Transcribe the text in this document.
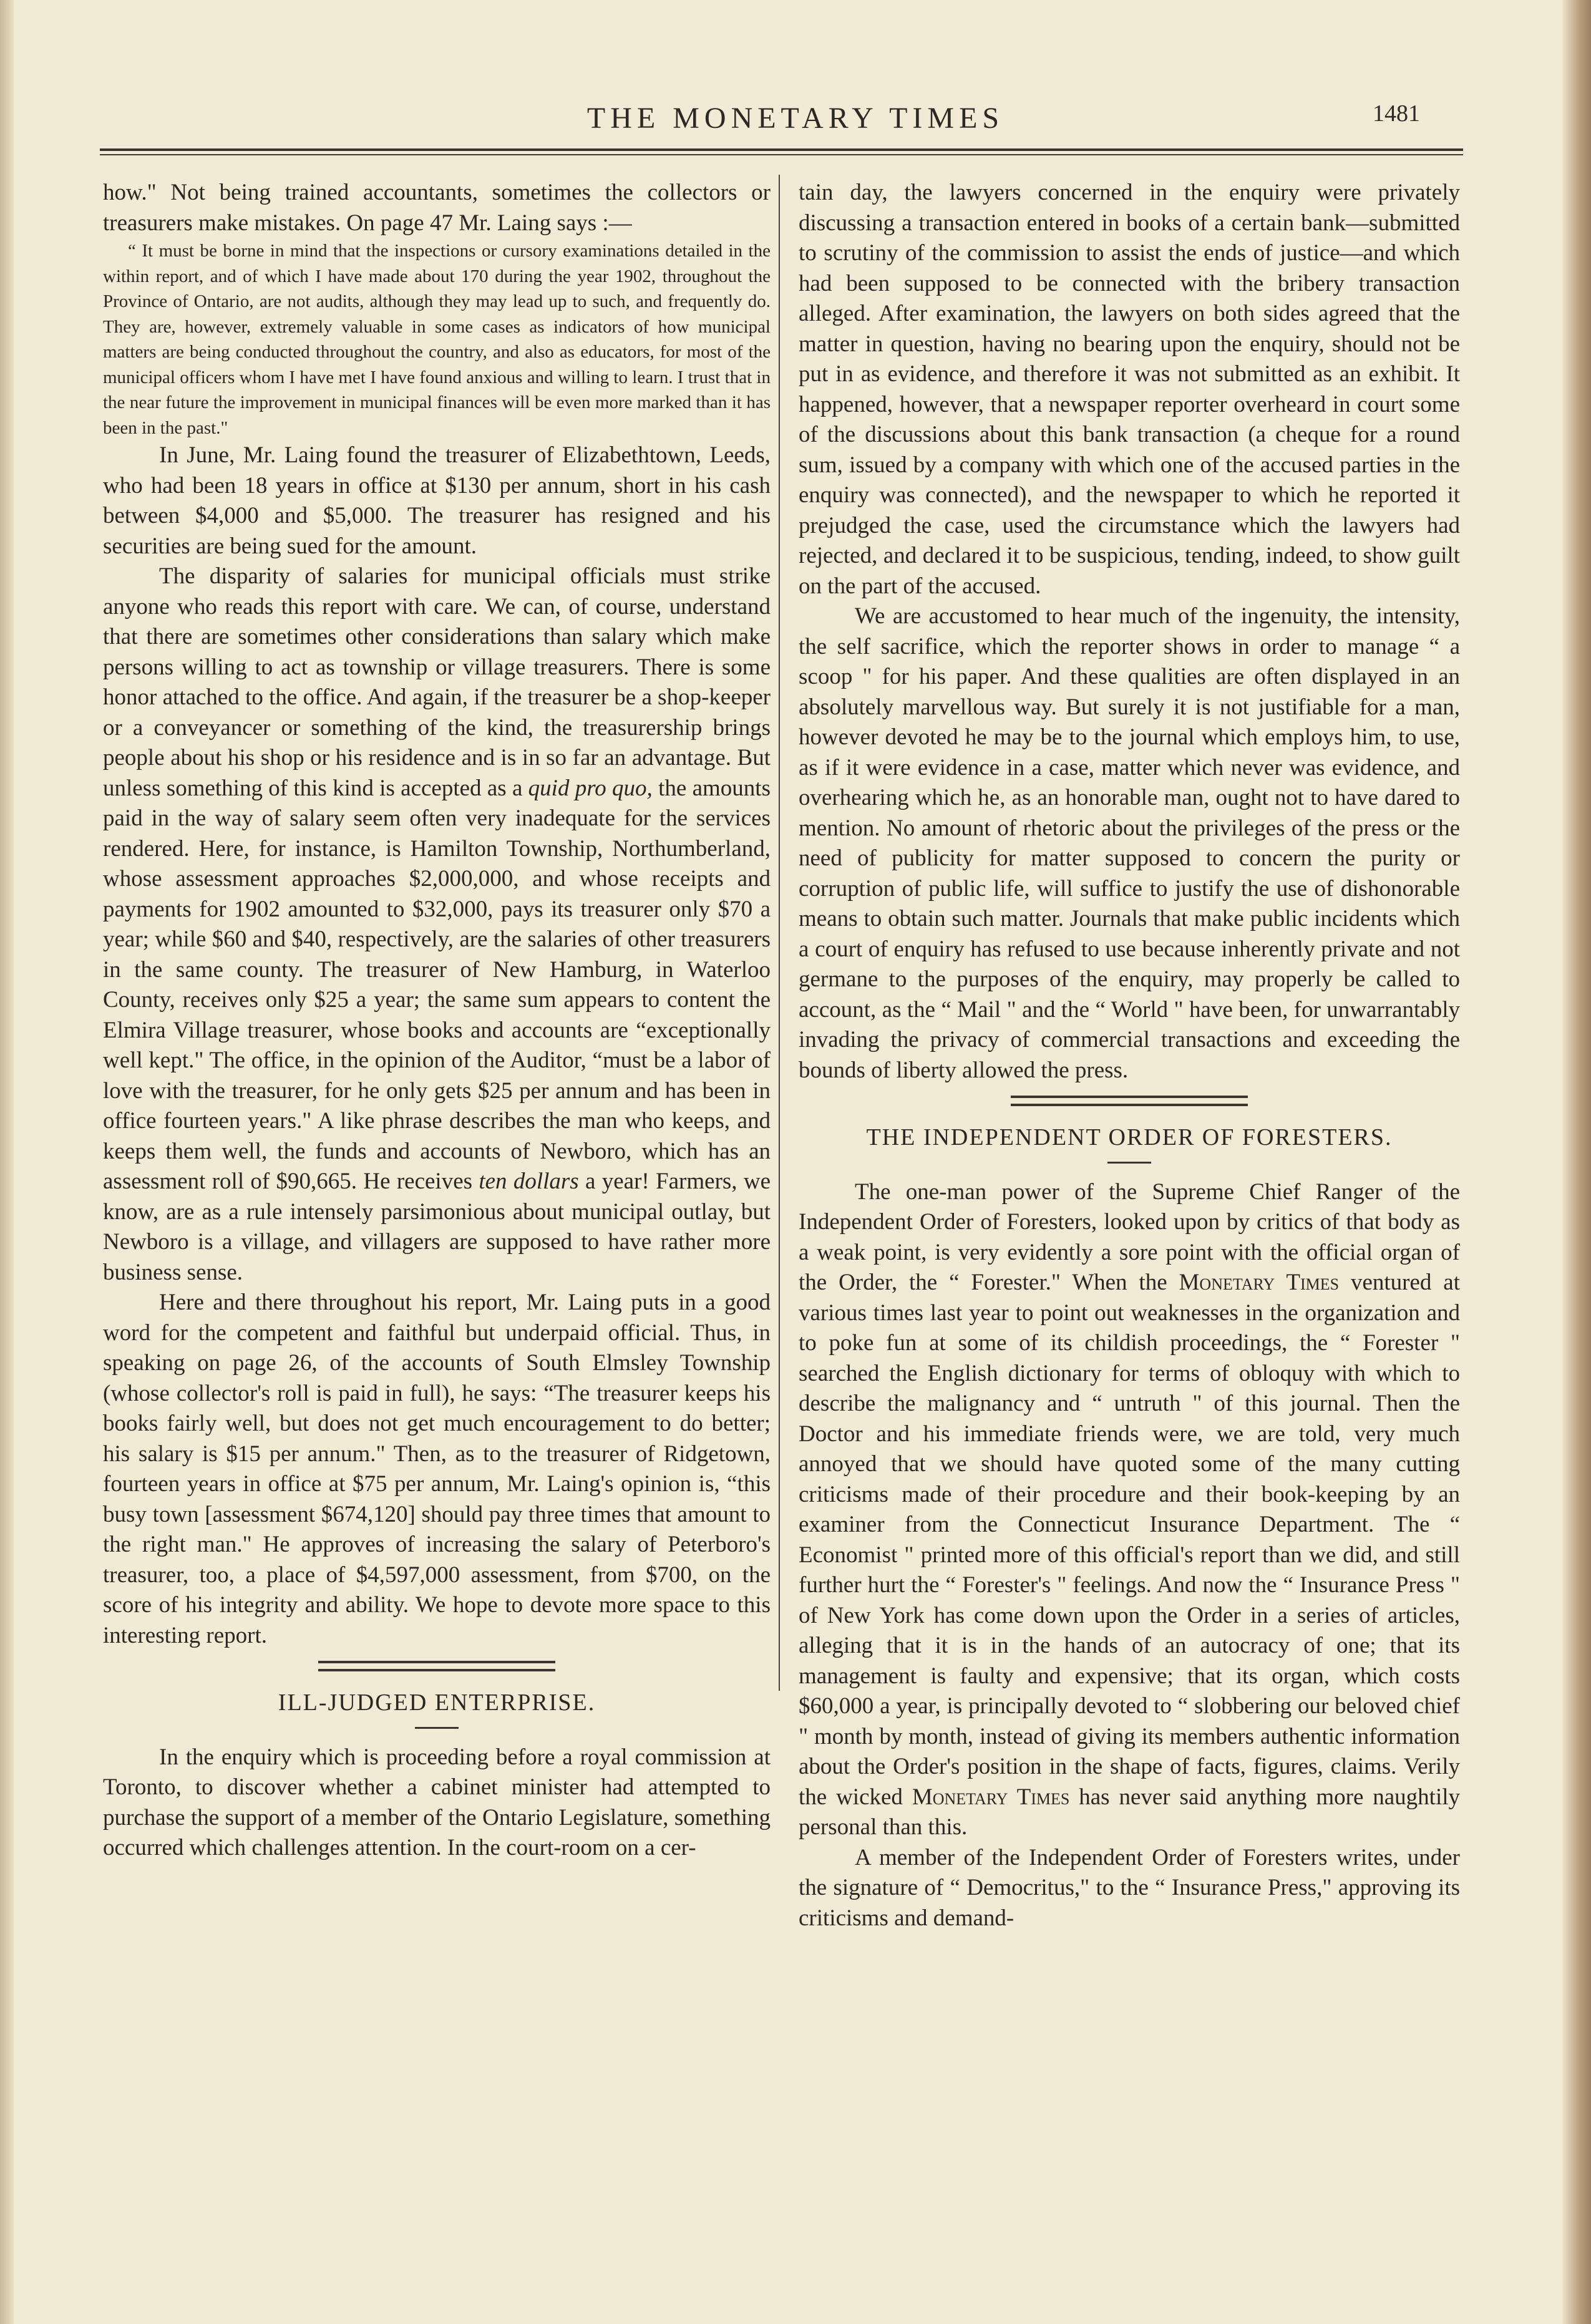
THE MONETARY TIMES	1481

how." Not being trained accountants, sometimes the collectors or treasurers make mistakes. On page 47 Mr. Laing says :—

“ It must be borne in mind that the inspections or cursory examinations detailed in the within report, and of which I have made about 170 during the year 1902, throughout the Province of Ontario, are not audits, although they may lead up to such, and frequently do. They are, however, extremely valuable in some cases as indicators of how municipal matters are being conducted throughout the country, and also as educators, for most of the municipal officers whom I have met I have found anxious and willing to learn. I trust that in the near future the improvement in municipal finances will be even more marked than it has been in the past."

In June, Mr. Laing found the treasurer of Elizabethtown, Leeds, who had been 18 years in office at $130 per annum, short in his cash between $4,000 and $5,000. The treasurer has resigned and his securities are being sued for the amount.

The disparity of salaries for municipal officials must strike anyone who reads this report with care. We can, of course, understand that there are sometimes other considerations than salary which make persons willing to act as township or village treasurers. There is some honor attached to the office. And again, if the treasurer be a shop-keeper or a conveyancer or something of the kind, the treasurership brings people about his shop or his residence and is in so far an advantage. But unless something of this kind is accepted as a quid pro quo, the amounts paid in the way of salary seem often very inadequate for the services rendered. Here, for instance, is Hamilton Township, Northumberland, whose assessment approaches $2,000,000, and whose receipts and payments for 1902 amounted to $32,000, pays its treasurer only $70 a year; while $60 and $40, respectively, are the salaries of other treasurers in the same county. The treasurer of New Hamburg, in Waterloo County, receives only $25 a year; the same sum appears to content the Elmira Village treasurer, whose books and accounts are “exceptionally well kept." The office, in the opinion of the Auditor, “must be a labor of love with the treasurer, for he only gets $25 per annum and has been in office fourteen years." A like phrase describes the man who keeps, and keeps them well, the funds and accounts of Newboro, which has an assessment roll of $90,665. He receives ten dollars a year! Farmers, we know, are as a rule intensely parsimonious about municipal outlay, but Newboro is a village, and villagers are supposed to have rather more business sense.

Here and there throughout his report, Mr. Laing puts in a good word for the competent and faithful but underpaid official. Thus, in speaking on page 26, of the accounts of South Elmsley Township (whose collector's roll is paid in full), he says: “The treasurer keeps his books fairly well, but does not get much encouragement to do better; his salary is $15 per annum." Then, as to the treasurer of Ridgetown, fourteen years in office at $75 per annum, Mr. Laing's opinion is, “this busy town [assessment $674,120] should pay three times that amount to the right man." He approves of increasing the salary of Peterboro's treasurer, too, a place of $4,597,000 assessment, from $700, on the score of his integrity and ability. We hope to devote more space to this interesting report.

ILL-JUDGED ENTERPRISE.

In the enquiry which is proceeding before a royal commission at Toronto, to discover whether a cabinet minister had attempted to purchase the support of a member of the Ontario Legislature, something occurred which challenges attention. In the court-room on a cer-

tain day, the lawyers concerned in the enquiry were privately discussing a transaction entered in books of a certain bank—submitted to scrutiny of the commission to assist the ends of justice—and which had been supposed to be connected with the bribery transaction alleged. After examination, the lawyers on both sides agreed that the matter in question, having no bearing upon the enquiry, should not be put in as evidence, and therefore it was not submitted as an exhibit. It happened, however, that a newspaper reporter overheard in court some of the discussions about this bank transaction (a cheque for a round sum, issued by a company with which one of the accused parties in the enquiry was connected), and the newspaper to which he reported it prejudged the case, used the circumstance which the lawyers had rejected, and declared it to be suspicious, tending, indeed, to show guilt on the part of the accused.

We are accustomed to hear much of the ingenuity, the intensity, the self sacrifice, which the reporter shows in order to manage “ a scoop " for his paper. And these qualities are often displayed in an absolutely marvellous way. But surely it is not justifiable for a man, however devoted he may be to the journal which employs him, to use, as if it were evidence in a case, matter which never was evidence, and overhearing which he, as an honorable man, ought not to have dared to mention. No amount of rhetoric about the privileges of the press or the need of publicity for matter supposed to concern the purity or corruption of public life, will suffice to justify the use of dishonorable means to obtain such matter. Journals that make public incidents which a court of enquiry has refused to use because inherently private and not germane to the purposes of the enquiry, may properly be called to account, as the “ Mail " and the “ World " have been, for unwarrantably invading the privacy of commercial transactions and exceeding the bounds of liberty allowed the press.

THE INDEPENDENT ORDER OF FORESTERS.

The one-man power of the Supreme Chief Ranger of the Independent Order of Foresters, looked upon by critics of that body as a weak point, is very evidently a sore point with the official organ of the Order, the “ Forester." When the Monetary Times ventured at various times last year to point out weaknesses in the organization and to poke fun at some of its childish proceedings, the “ Forester " searched the English dictionary for terms of obloquy with which to describe the malignancy and “ untruth " of this journal. Then the Doctor and his immediate friends were, we are told, very much annoyed that we should have quoted some of the many cutting criticisms made of their procedure and their book-keeping by an examiner from the Connecticut Insurance Department. The “ Economist " printed more of this official's report than we did, and still further hurt the “ Forester's " feelings. And now the “ Insurance Press " of New York has come down upon the Order in a series of articles, alleging that it is in the hands of an autocracy of one; that its management is faulty and expensive; that its organ, which costs $60,000 a year, is principally devoted to “ slobbering our beloved chief " month by month, instead of giving its members authentic information about the Order's position in the shape of facts, figures, claims. Verily the wicked Monetary Times has never said anything more naughtily personal than this.

A member of the Independent Order of Foresters writes, under the signature of “ Democritus," to the “ Insurance Press," approving its criticisms and demand-
